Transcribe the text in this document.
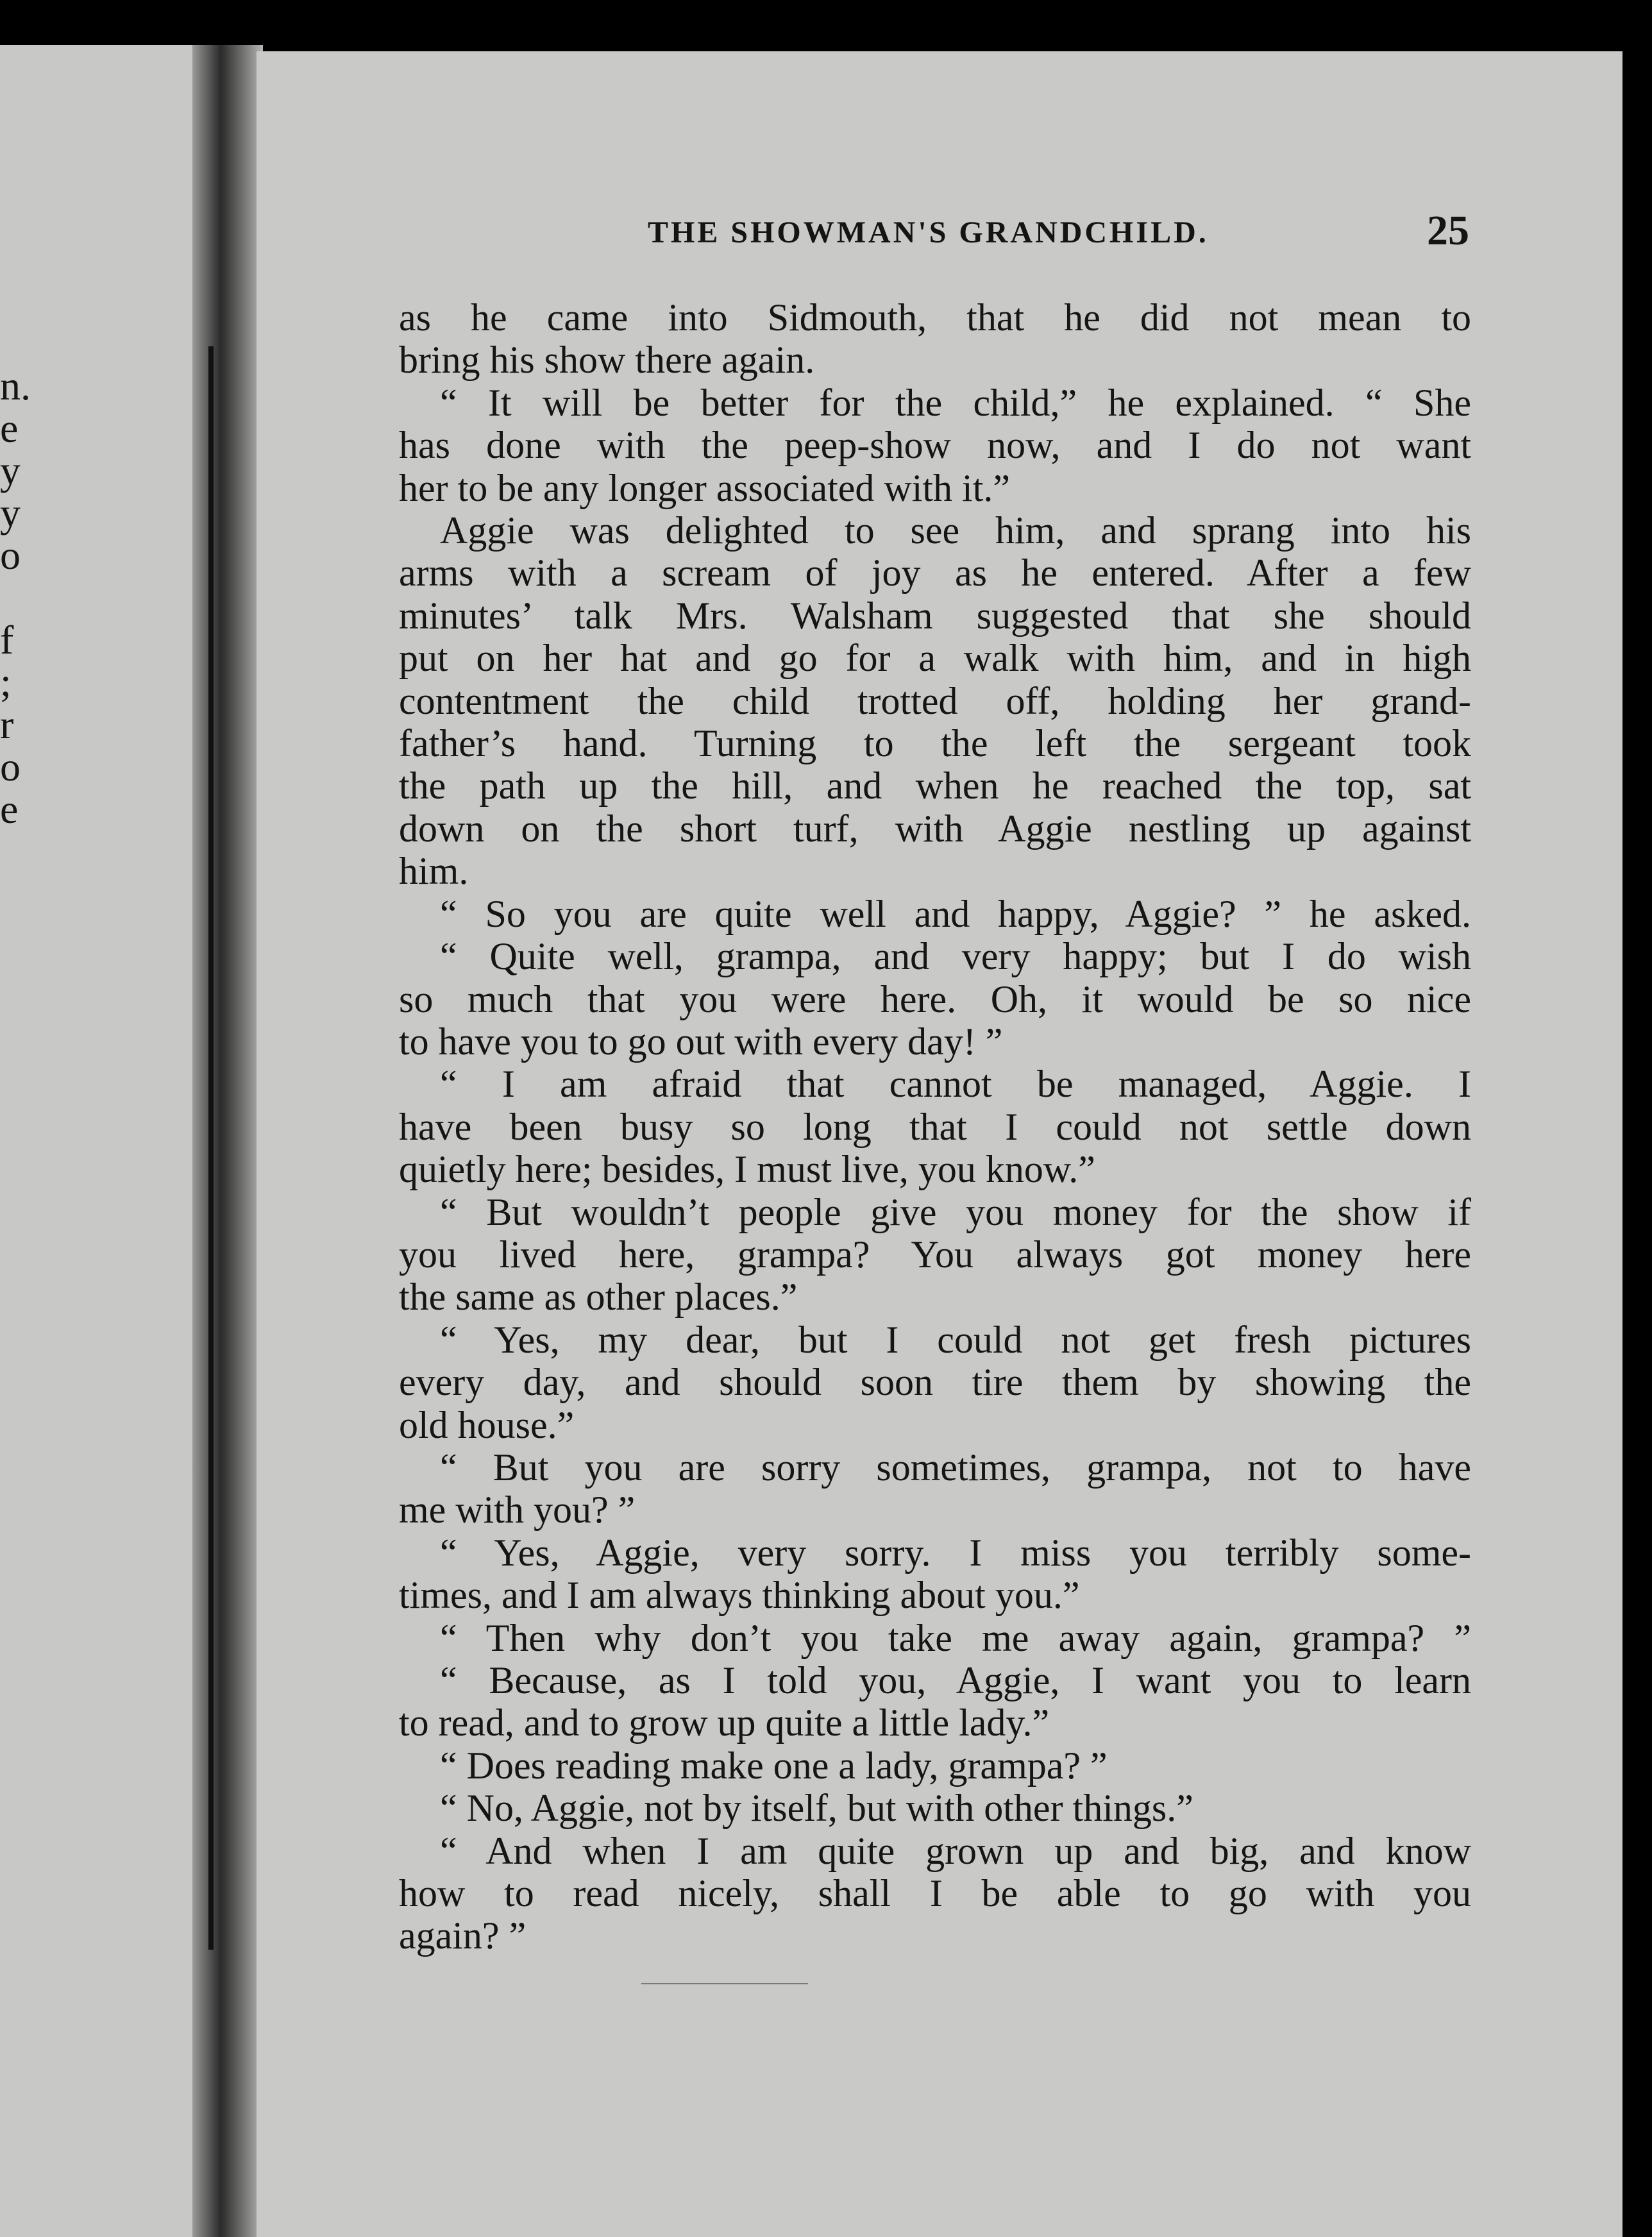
n.
e
y
y
o
f
;
r
o
e
THE SHOWMAN'S GRANDCHILD.	25
as he came into Sidmouth, that he did not mean to
bring his show there again.
“ It will be better for the child,” he explained. “ She
has done with the peep-show now, and I do not want
her to be any longer associated with it.”
Aggie was delighted to see him, and sprang into his
arms with a scream of joy as he entered. After a few
minutes’ talk Mrs. Walsham suggested that she should
put on her hat and go for a walk with him, and in high
contentment the child trotted off, holding her grand-
father’s hand. Turning to the left the sergeant took
the path up the hill, and when he reached the top, sat
down on the short turf, with Aggie nestling up against
him.
“ So you are quite well and happy, Aggie? ” he asked.
“ Quite well, grampa, and very happy; but I do wish
so much that you were here. Oh, it would be so nice
to have you to go out with every day! ”
“ I am afraid that cannot be managed, Aggie. I
have been busy so long that I could not settle down
quietly here; besides, I must live, you know.”
“ But wouldn’t people give you money for the show if
you lived here, grampa? You always got money here
the same as other places.”
“ Yes, my dear, but I could not get fresh pictures
every day, and should soon tire them by showing the
old house.”
“ But you are sorry sometimes, grampa, not to have
me with you? ”
“ Yes, Aggie, very sorry. I miss you terribly some-
times, and I am always thinking about you.”
“ Then why don’t you take me away again, grampa? ”
“ Because, as I told you, Aggie, I want you to learn
to read, and to grow up quite a little lady.”
“ Does reading make one a lady, grampa? ”
“ No, Aggie, not by itself, but with other things.”
“ And when I am quite grown up and big, and know
how to read nicely, shall I be able to go with you
again? ”
